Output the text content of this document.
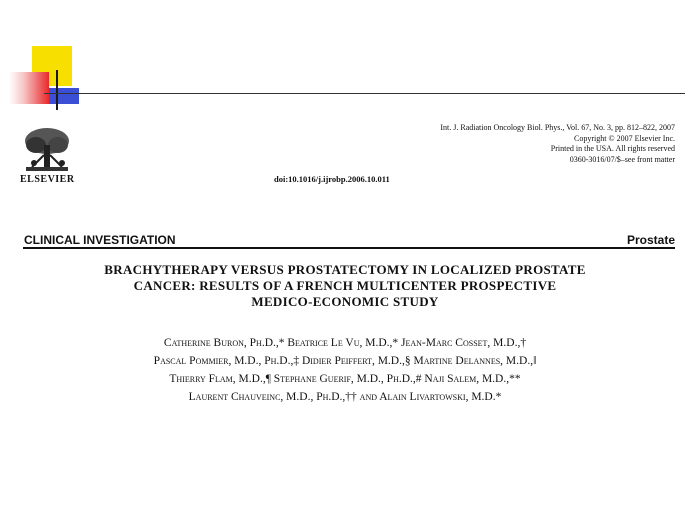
ELSEVIER
Int. J. Radiation Oncology Biol. Phys., Vol. 67, No. 3, pp. 812–822, 2007
Copyright © 2007 Elsevier Inc.
Printed in the USA. All rights reserved
0360-3016/07/$–see front matter
doi:10.1016/j.ijrobp.2006.10.011
CLINICAL INVESTIGATION	Prostate
BRACHYTHERAPY VERSUS PROSTATECTOMY IN LOCALIZED PROSTATE
CANCER: RESULTS OF A FRENCH MULTICENTER PROSPECTIVE
MEDICO-ECONOMIC STUDY
Catherine Buron, Ph.D.,* Beatrice Le Vu, M.D.,* Jean-Marc Cosset, M.D.,†
Pascal Pommier, M.D., Ph.D.,‡ Didier Peiffert, M.D.,§ Martine Delannes, M.D.,‖
Thierry Flam, M.D.,¶ Stephane Guerif, M.D., Ph.D.,# Naji Salem, M.D.,**
Laurent Chauveinc, M.D., Ph.D.,†† and Alain Livartowski, M.D.*
